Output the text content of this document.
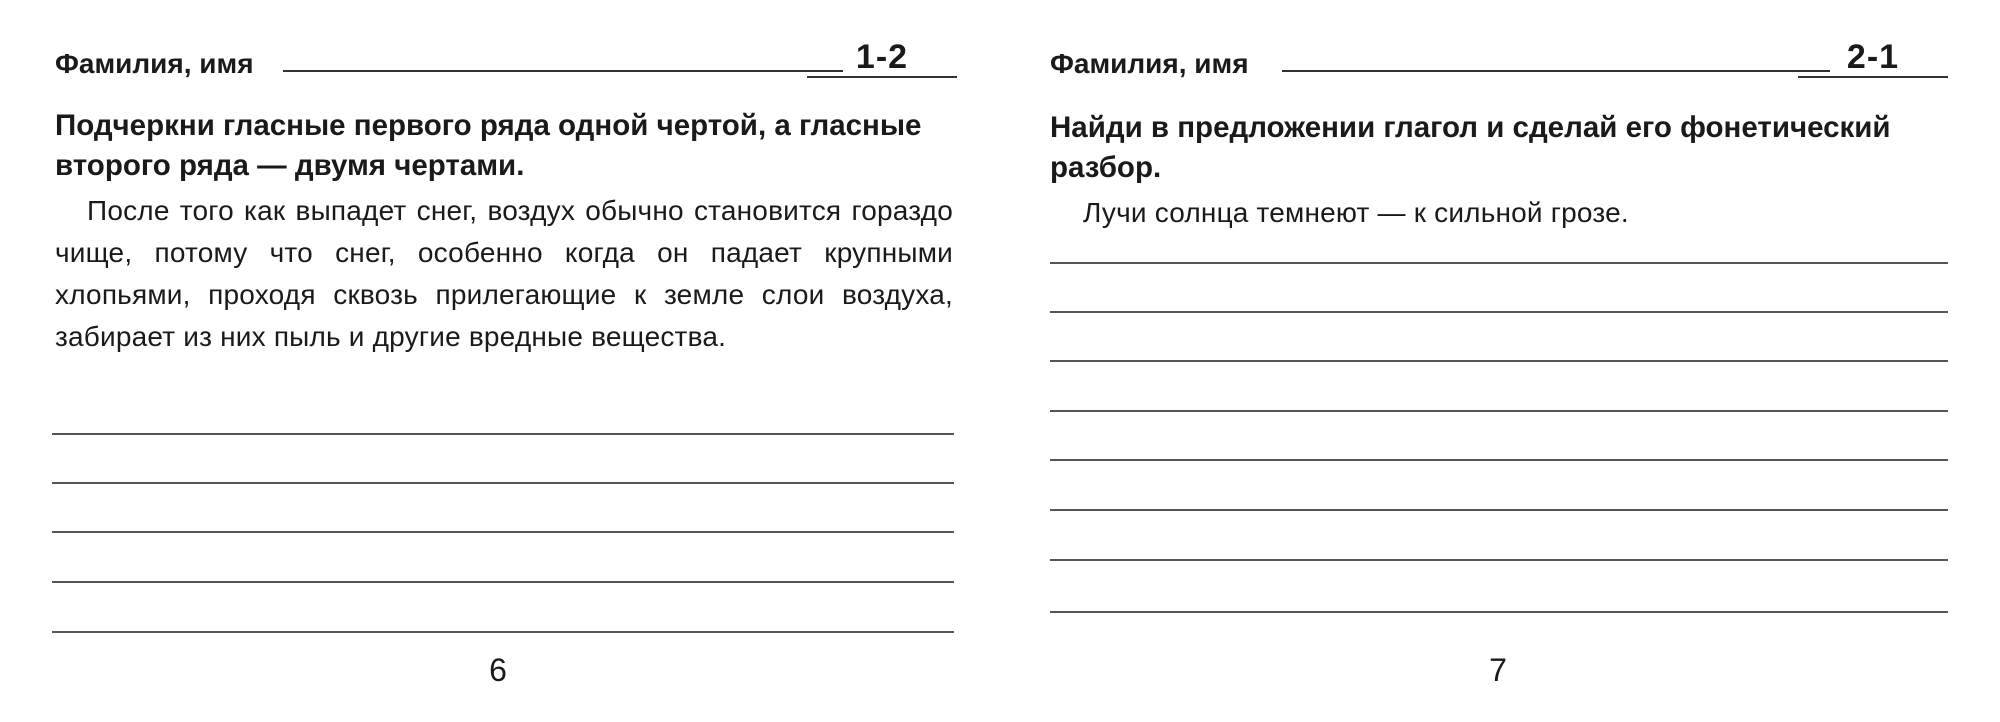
Фамилия, имя	1-2
Подчеркни гласные первого ряда одной чертой, а гласные второго ряда — двумя чертами.
После того как выпадет снег, воздух обычно становится гораздо чище, потому что снег, особенно когда он падает крупными хлопьями, проходя сквозь прилегающие к земле слои воздуха, забирает из них пыль и другие вредные вещества.
6
Фамилия, имя	2-1
Найди в предложении глагол и сделай его фонетический разбор.
Лучи солнца темнеют — к сильной грозе.
7
